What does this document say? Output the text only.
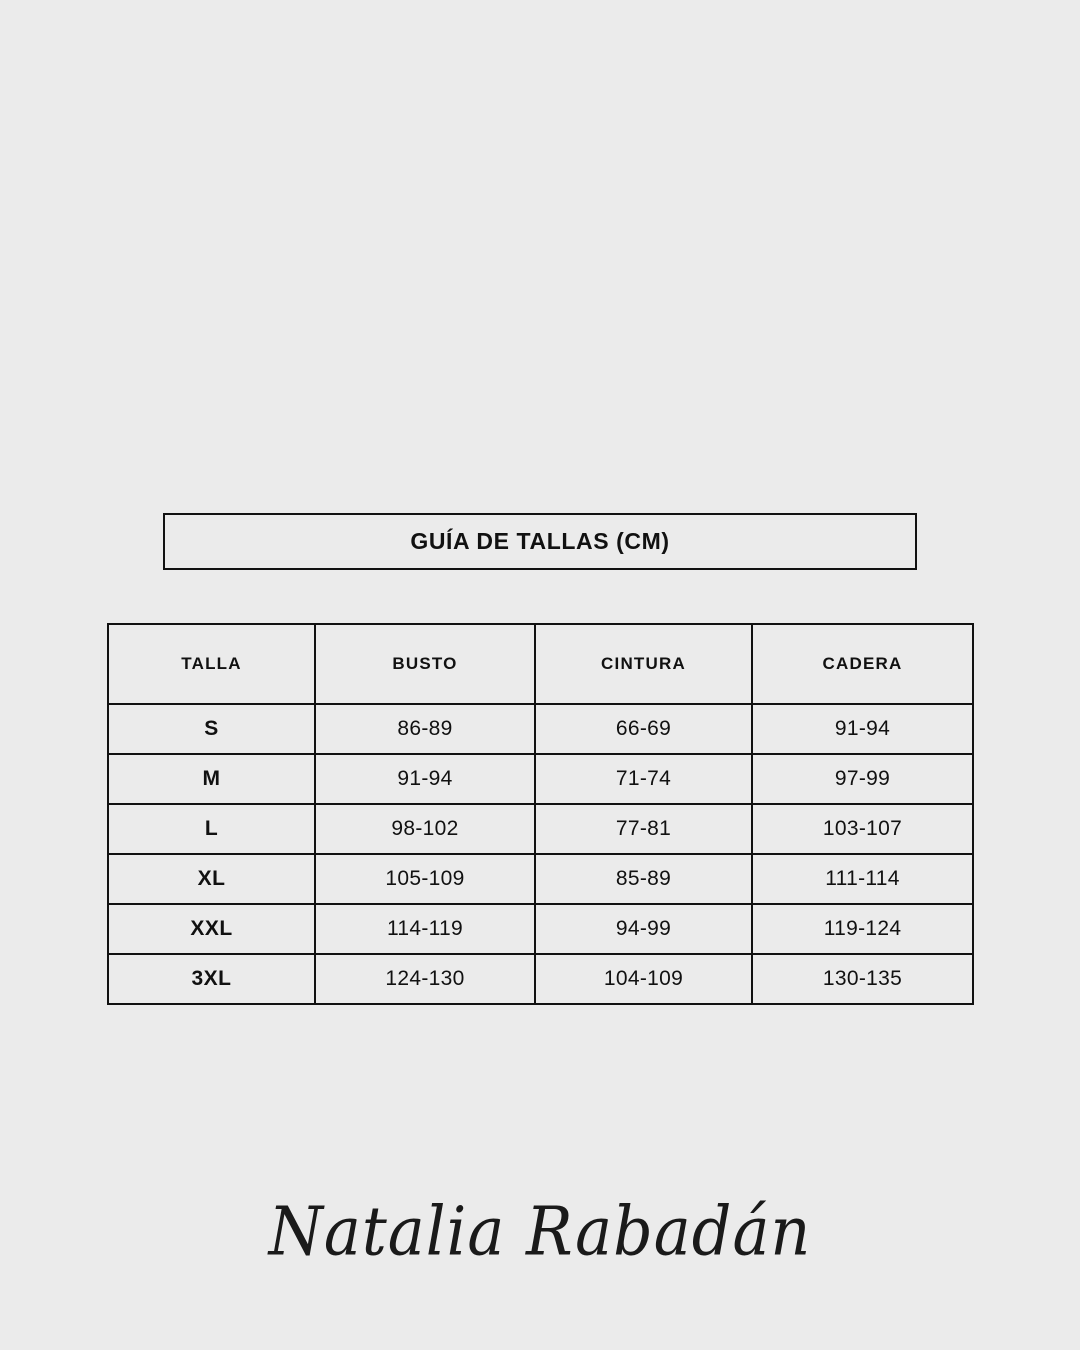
GUÍA DE TALLAS (CM)
TALLA	BUSTO	CINTURA	CADERA
S	86-89	66-69	91-94
M	91-94	71-74	97-99
L	98-102	77-81	103-107
XL	105-109	85-89	111-114
XXL	114-119	94-99	119-124
3XL	124-130	104-109	130-135
Natalia Rabadán
